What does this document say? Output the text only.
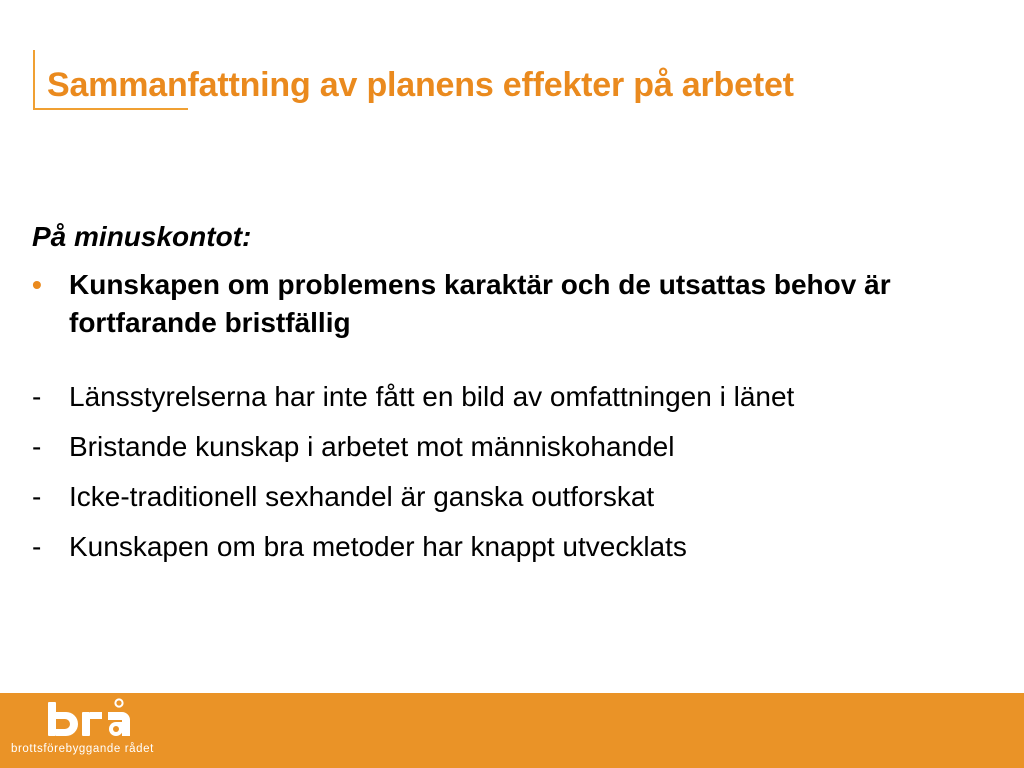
Sammanfattning av planens effekter på arbetet

På minuskontot:

• Kunskapen om problemens karaktär och de utsattas behov är fortfarande bristfällig
- Länsstyrelserna har inte fått en bild av omfattningen i länet
- Bristande kunskap i arbetet mot människohandel
- Icke-traditionell sexhandel är ganska outforskat
- Kunskapen om bra metoder har knappt utvecklats

brottsförebyggande rådet
